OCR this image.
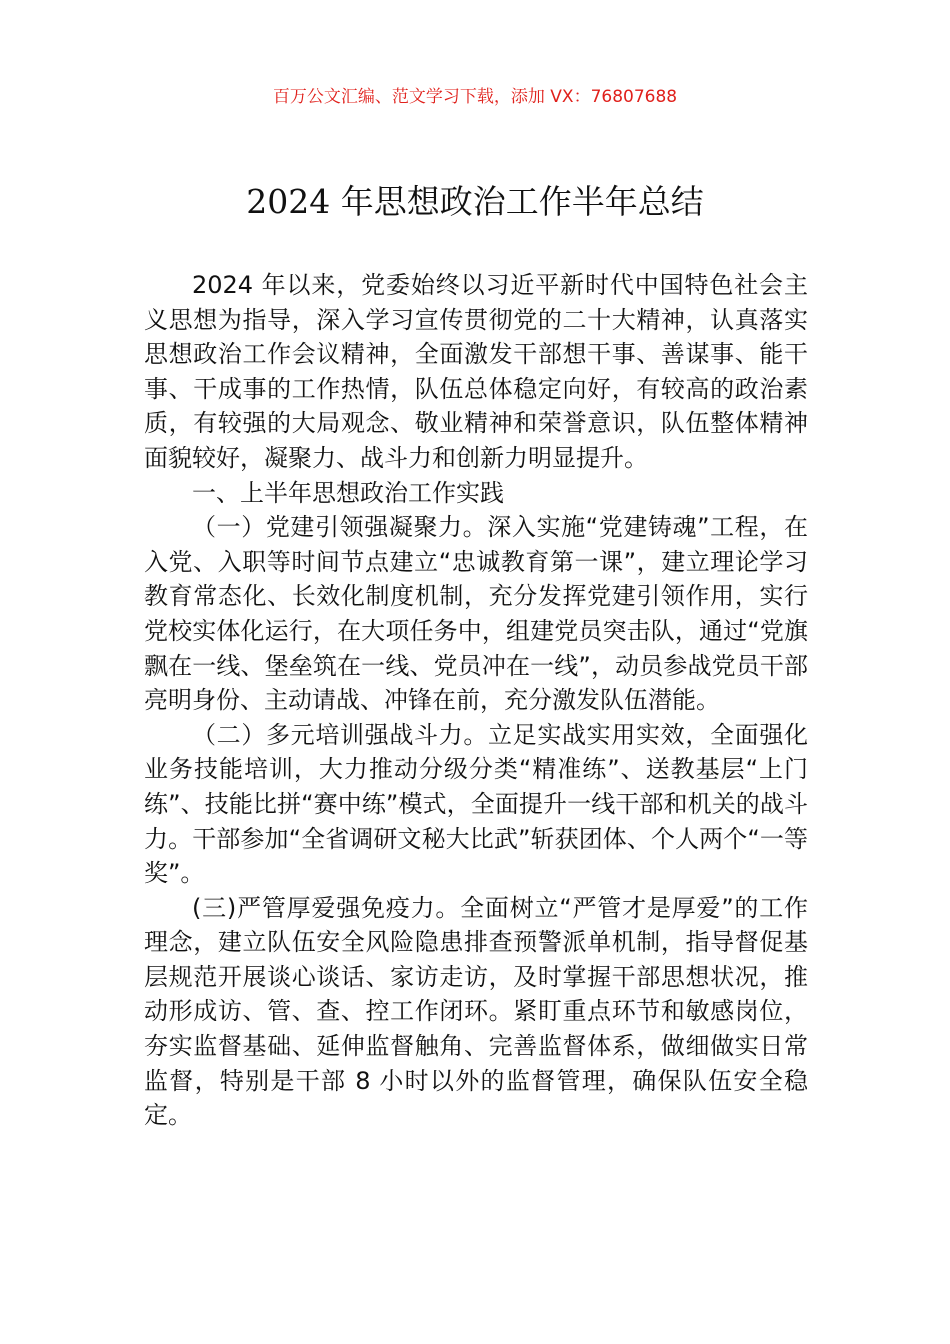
百万公文汇编、范文学习下载，添加 VX：76807688
2024 年思想政治工作半年总结

2024 年以来，党委始终以习近平新时代中国特色社会主义思想为指导，深入学习宣传贯彻党的二十大精神，认真落实思想政治工作会议精神，全面激发干部想干事、善谋事、能干事、干成事的工作热情，队伍总体稳定向好，有较高的政治素质，有较强的大局观念、敬业精神和荣誉意识，队伍整体精神面貌较好，凝聚力、战斗力和创新力明显提升。

一、上半年思想政治工作实践

（一）党建引领强凝聚力。深入实施“党建铸魂”工程，在入党、入职等时间节点建立“忠诚教育第一课”，建立理论学习教育常态化、长效化制度机制，充分发挥党建引领作用，实行党校实体化运行，在大项任务中，组建党员突击队，通过“党旗飘在一线、堡垒筑在一线、党员冲在一线”，动员参战党员干部亮明身份、主动请战、冲锋在前，充分激发队伍潜能。

（二）多元培训强战斗力。立足实战实用实效，全面强化业务技能培训，大力推动分级分类“精准练”、送教基层“上门练”、技能比拼“赛中练”模式，全面提升一线干部和机关的战斗力。干部参加“全省调研文秘大比武”斩获团体、个人两个“一等奖”。

(三)严管厚爱强免疫力。全面树立“严管才是厚爱”的工作理念，建立队伍安全风险隐患排查预警派单机制，指导督促基层规范开展谈心谈话、家访走访，及时掌握干部思想状况，推动形成访、管、查、控工作闭环。紧盯重点环节和敏感岗位，夯实监督基础、延伸监督触角、完善监督体系，做细做实日常监督，特别是干部 8 小时以外的监督管理，确保队伍安全稳定。
